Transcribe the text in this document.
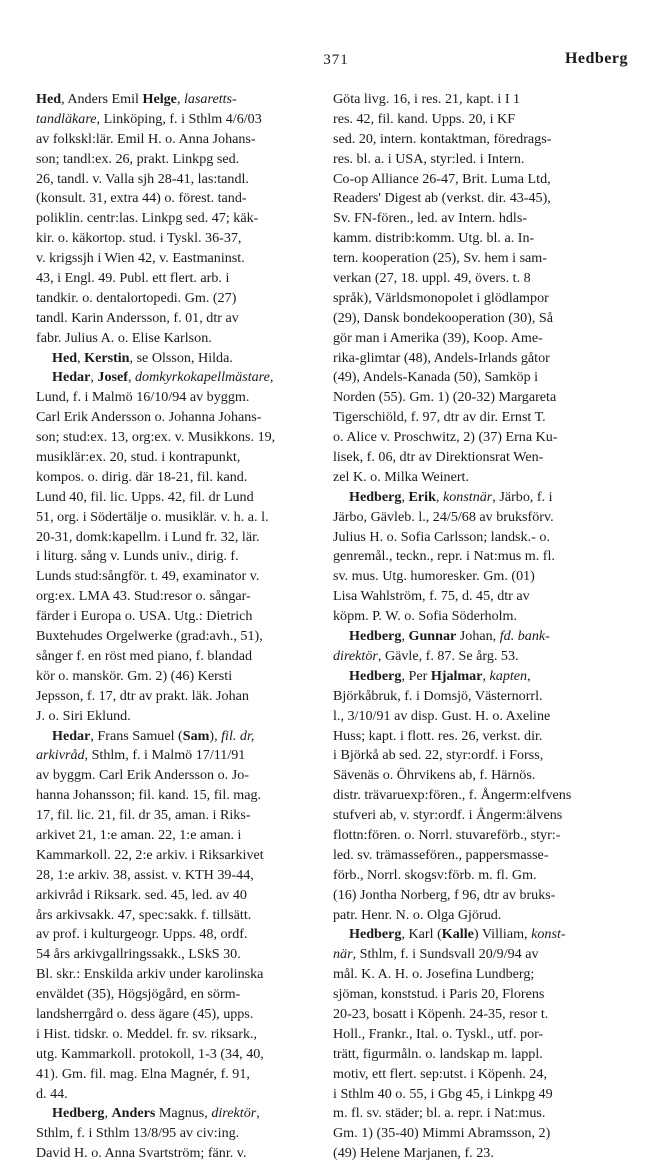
371	Hedberg
Hed, Anders Emil Helge, lasaretts-
tandläkare, Linköping, f. i Sthlm 4/6/03
av folkskl:lär. Emil H. o. Anna Johans-
son; tandl:ex. 26, prakt. Linkpg sed.
26, tandl. v. Valla sjh 28-41, las:tandl.
(konsult. 31, extra 44) o. förest. tand-
poliklin. centr:las. Linkpg sed. 47; käk-
kir. o. käkortop. stud. i Tyskl. 36-37,
v. krigssjh i Wien 42, v. Eastmaninst.
43, i Engl. 49. Publ. ett flert. arb. i
tandkir. o. dentalortopedi. Gm. (27)
tandl. Karin Andersson, f. 01, dtr av
fabr. Julius A. o. Elise Karlson.
Hed, Kerstin, se Olsson, Hilda.
Hedar, Josef, domkyrkokapellmästare,
Lund, f. i Malmö 16/10/94 av byggm.
Carl Erik Andersson o. Johanna Johans-
son; stud:ex. 13, org:ex. v. Musikkons. 19,
musiklär:ex. 20, stud. i kontrapunkt,
kompos. o. dirig. där 18-21, fil. kand.
Lund 40, fil. lic. Upps. 42, fil. dr Lund
51, org. i Södertälje o. musiklär. v. h. a. l.
20-31, domk:kapellm. i Lund fr. 32, lär.
i liturg. sång v. Lunds univ., dirig. f.
Lunds stud:sångför. t. 49, examinator v.
org:ex. LMA 43. Stud:resor o. sångar-
färder i Europa o. USA. Utg.: Dietrich
Buxtehudes Orgelwerke (grad:avh., 51),
sånger f. en röst med piano, f. blandad
kör o. manskör. Gm. 2) (46) Kersti
Jepsson, f. 17, dtr av prakt. läk. Johan
J. o. Siri Eklund.
Hedar, Frans Samuel (Sam), fil. dr,
arkivråd, Sthlm, f. i Malmö 17/11/91
av byggm. Carl Erik Andersson o. Jo-
hanna Johansson; fil. kand. 15, fil. mag.
17, fil. lic. 21, fil. dr 35, aman. i Riks-
arkivet 21, 1:e aman. 22, 1:e aman. i
Kammarkoll. 22, 2:e arkiv. i Riksarkivet
28, 1:e arkiv. 38, assist. v. KTH 39-44,
arkivråd i Riksark. sed. 45, led. av 40
års arkivsakk. 47, spec:sakk. f. tillsätt.
av prof. i kulturgeogr. Upps. 48, ordf.
54 års arkivgallringssakk., LSkS 30.
Bl. skr.: Enskilda arkiv under karolinska
enväldet (35), Högsjögård, en sörm-
landsherrgård o. dess ägare (45), upps.
i Hist. tidskr. o. Meddel. fr. sv. riksark.,
utg. Kammarkoll. protokoll, 1-3 (34, 40,
41). Gm. fil. mag. Elna Magnér, f. 91,
d. 44.
Hedberg, Anders Magnus, direktör,
Sthlm, f. i Sthlm 13/8/95 av civ:ing.
David H. o. Anna Svartström; fänr. v.
Göta livg. 16, i res. 21, kapt. i I 1
res. 42, fil. kand. Upps. 20, i KF
sed. 20, intern. kontaktman, föredrags-
res. bl. a. i USA, styr:led. i Intern.
Co-op Alliance 26-47, Brit. Luma Ltd,
Readers' Digest ab (verkst. dir. 43-45),
Sv. FN-fören., led. av Intern. hdls-
kamm. distrib:komm. Utg. bl. a. In-
tern. kooperation (25), Sv. hem i sam-
verkan (27, 18. uppl. 49, övers. t. 8
språk), Världsmonopolet i glödlampor
(29), Dansk bondekooperation (30), Så
gör man i Amerika (39), Koop. Ame-
rika-glimtar (48), Andels-Irlands gåtor
(49), Andels-Kanada (50), Samköp i
Norden (55). Gm. 1) (20-32) Margareta
Tigerschiöld, f. 97, dtr av dir. Ernst T.
o. Alice v. Proschwitz, 2) (37) Erna Ku-
lisek, f. 06, dtr av Direktionsrat Wen-
zel K. o. Milka Weinert.
Hedberg, Erik, konstnär, Järbo, f. i
Järbo, Gävleb. l., 24/5/68 av bruksförv.
Julius H. o. Sofia Carlsson; landsk.- o.
genremål., teckn., repr. i Nat:mus m. fl.
sv. mus. Utg. humoresker. Gm. (01)
Lisa Wahlström, f. 75, d. 45, dtr av
köpm. P. W. o. Sofia Söderholm.
Hedberg, Gunnar Johan, fd. bank-
direktör, Gävle, f. 87. Se årg. 53.
Hedberg, Per Hjalmar, kapten,
Björkåbruk, f. i Domsjö, Västernorrl.
l., 3/10/91 av disp. Gust. H. o. Axeline
Huss; kapt. i flott. res. 26, verkst. dir.
i Björkå ab sed. 22, styr:ordf. i Forss,
Sävenäs o. Öhrvikens ab, f. Härnös.
distr. trävaruexp:fören., f. Ångerm:elfvens
stufveri ab, v. styr:ordf. i Ångerm:älvens
flottn:fören. o. Norrl. stuvareförb., styr:-
led. sv. trämassefören., pappersmasse-
förb., Norrl. skogsv:förb. m. fl. Gm.
(16) Jontha Norberg, f 96, dtr av bruks-
patr. Henr. N. o. Olga Gjörud.
Hedberg, Karl (Kalle) Villiam, konst-
när, Sthlm, f. i Sundsvall 20/9/94 av
mål. K. A. H. o. Josefina Lundberg;
sjöman, konststud. i Paris 20, Florens
20-23, bosatt i Köpenh. 24-35, resor t.
Holl., Frankr., Ital. o. Tyskl., utf. por-
trätt, figurmåln. o. landskap m. lappl.
motiv, ett flert. sep:utst. i Köpenh. 24,
i Sthlm 40 o. 55, i Gbg 45, i Linkpg 49
m. fl. sv. städer; bl. a. repr. i Nat:mus.
Gm. 1) (35-40) Mimmi Abramsson, 2)
(49) Helene Marjanen, f. 23.
